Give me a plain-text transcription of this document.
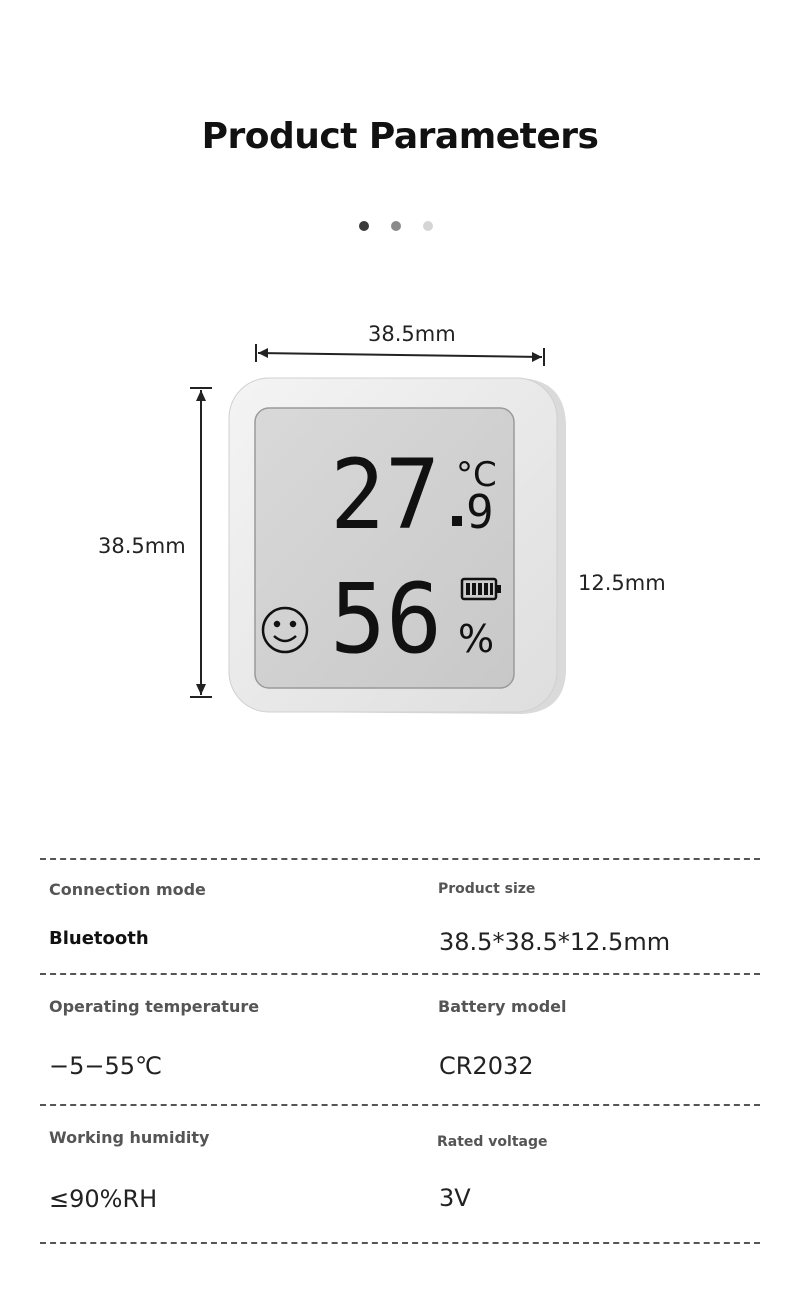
Product Parameters
27 9
°C
56 %
38.5mm
38.5mm
12.5mm
Connection mode
Bluetooth
Product size
38.5*38.5*12.5mm
Operating temperature
−5−55℃
Battery model
CR2032
Working humidity
≤90%RH
Rated voltage
3V
